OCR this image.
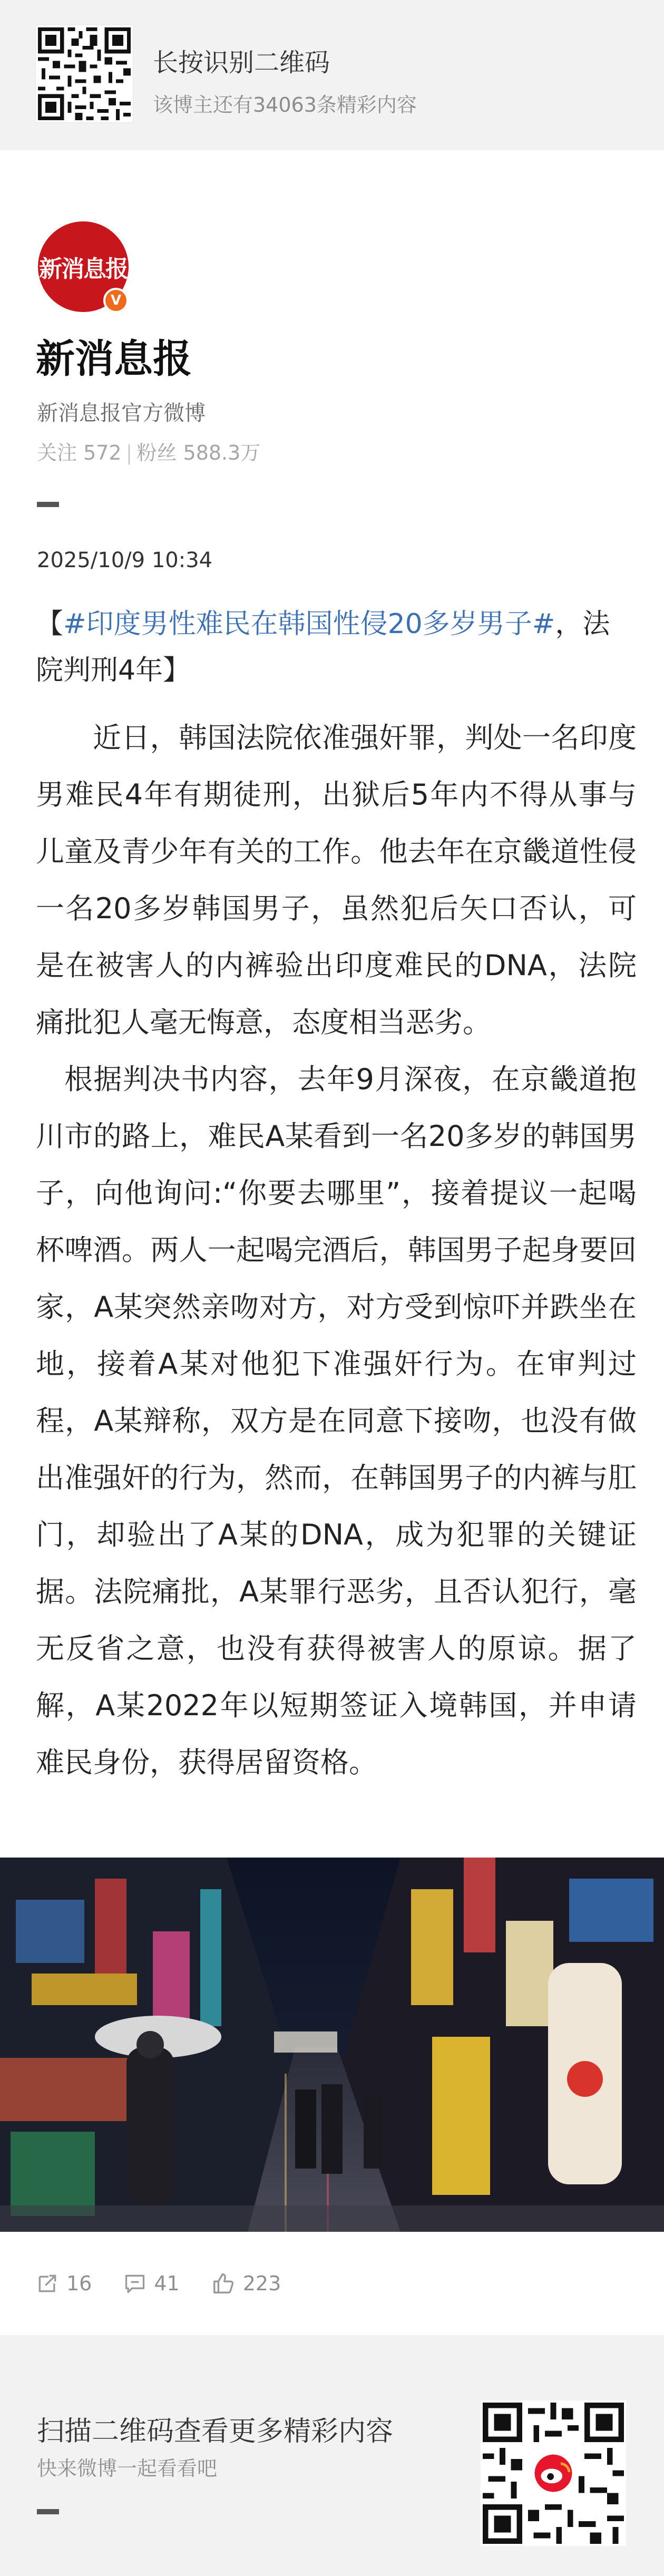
长按识别二维码
该博主还有34063条精彩内容
新消息报
V
新消息报
新消息报官方微博
关注 572 | 粉丝 588.3万
2025/10/9 10:34
【#印度男性难民在韩国性侵20多岁男子#，法院判刑4年】
近日，韩国法院依准强奸罪，判处一名印度男难民4年有期徒刑，出狱后5年内不得从事与儿童及青少年有关的工作。他去年在京畿道性侵一名20多岁韩国男子，虽然犯后矢口否认，可是在被害人的内裤验出印度难民的DNA，法院痛批犯人毫无悔意，态度相当恶劣。
根据判决书内容，去年9月深夜，在京畿道抱川市的路上，难民A某看到一名20多岁的韩国男子，向他询问:“你要去哪里”，接着提议一起喝杯啤酒。两人一起喝完酒后，韩国男子起身要回家，A某突然亲吻对方，对方受到惊吓并跌坐在地，接着A某对他犯下准强奸行为。在审判过程，A某辩称，双方是在同意下接吻，也没有做出准强奸的行为，然而，在韩国男子的内裤与肛门，却验出了A某的DNA，成为犯罪的关键证据。法院痛批，A某罪行恶劣，且否认犯行，毫无反省之意，也没有获得被害人的原谅。据了解，A某2022年以短期签证入境韩国，并申请难民身份，获得居留资格。
16	41	223
扫描二维码查看更多精彩内容
快来微博一起看看吧
